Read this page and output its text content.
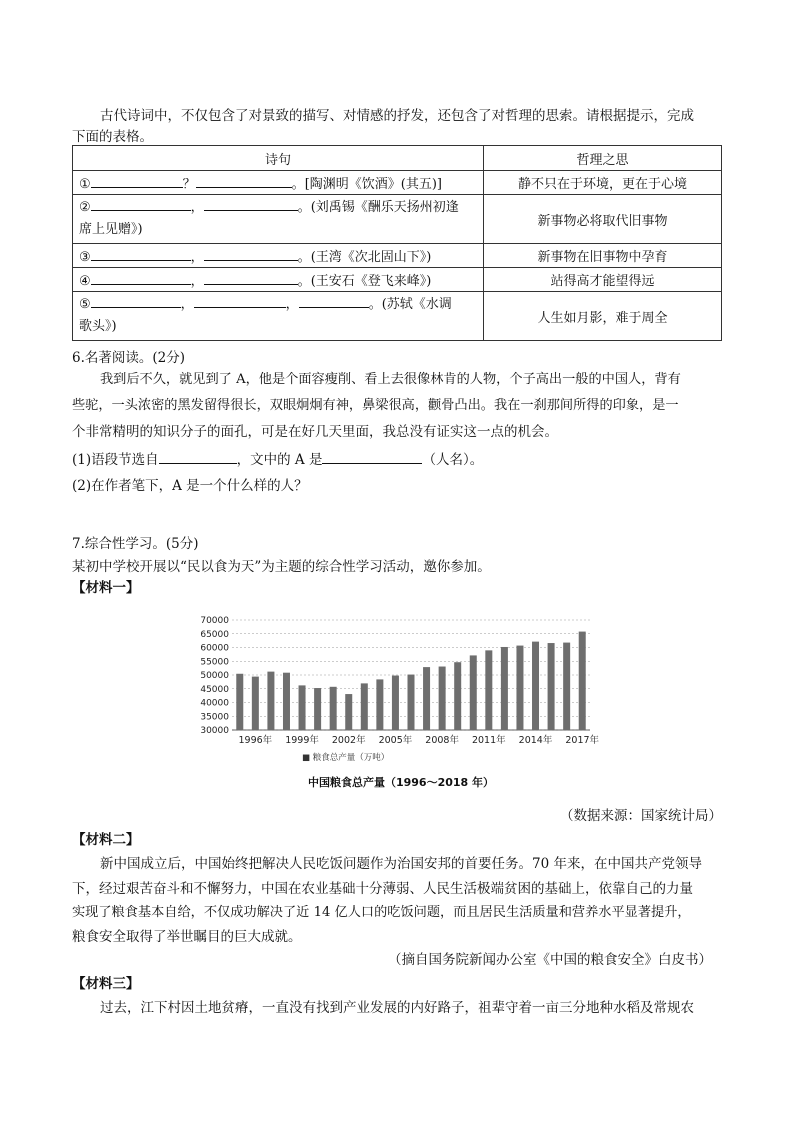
古代诗词中，不仅包含了对景致的描写、对情感的抒发，还包含了对哲理的思索。请根据提示，完成
下面的表格。
诗句	哲理之思
① ？ 。[陶渊明《饮酒》(其五)]	静不只在于环境，更在于心境
② ， 。(刘禹锡《酬乐天扬州初逢
席上见赠》)	新事物必将取代旧事物
③ ， 。(王湾《次北固山下》)	新事物在旧事物中孕育
④ ， 。(王安石《登飞来峰》)	站得高才能望得远
⑤ ， ， 。(苏轼《水调
歌头》)	人生如月影，难于周全
6.名著阅读。(2分)
我到后不久，就见到了 A，他是个面容瘦削、看上去很像林肯的人物，个子高出一般的中国人，背有
些驼，一头浓密的黑发留得很长，双眼炯炯有神，鼻梁很高，颧骨凸出。我在一刹那间所得的印象，是一
个非常精明的知识分子的面孔，可是在好几天里面，我总没有证实这一点的机会。
(1)语段节选自	，文中的 A 是	（人名）。
(2)在作者笔下，A 是一个什么样的人？
7.综合性学习。(5分)
某初中学校开展以“民以食为天”为主题的综合性学习活动，邀你参加。
【材料一】
70000
65000
60000
55000
50000
45000
40000
35000
30000
1996年 1999年 2002年 2005年 2008年 2011年 2014年 2017年
■ 粮食总产量（万吨）
中国粮食总产量（1996～2018 年）
（数据来源：国家统计局）
【材料二】
新中国成立后，中国始终把解决人民吃饭问题作为治国安邦的首要任务。70 年来，在中国共产党领导
下，经过艰苦奋斗和不懈努力，中国在农业基础十分薄弱、人民生活极端贫困的基础上，依靠自己的力量
实现了粮食基本自给，不仅成功解决了近 14 亿人口的吃饭问题，而且居民生活质量和营养水平显著提升，
粮食安全取得了举世瞩目的巨大成就。
（摘自国务院新闻办公室《中国的粮食安全》白皮书）
【材料三】
过去，江下村因土地贫瘠，一直没有找到产业发展的内好路子，祖辈守着一亩三分地种水稻及常规农
